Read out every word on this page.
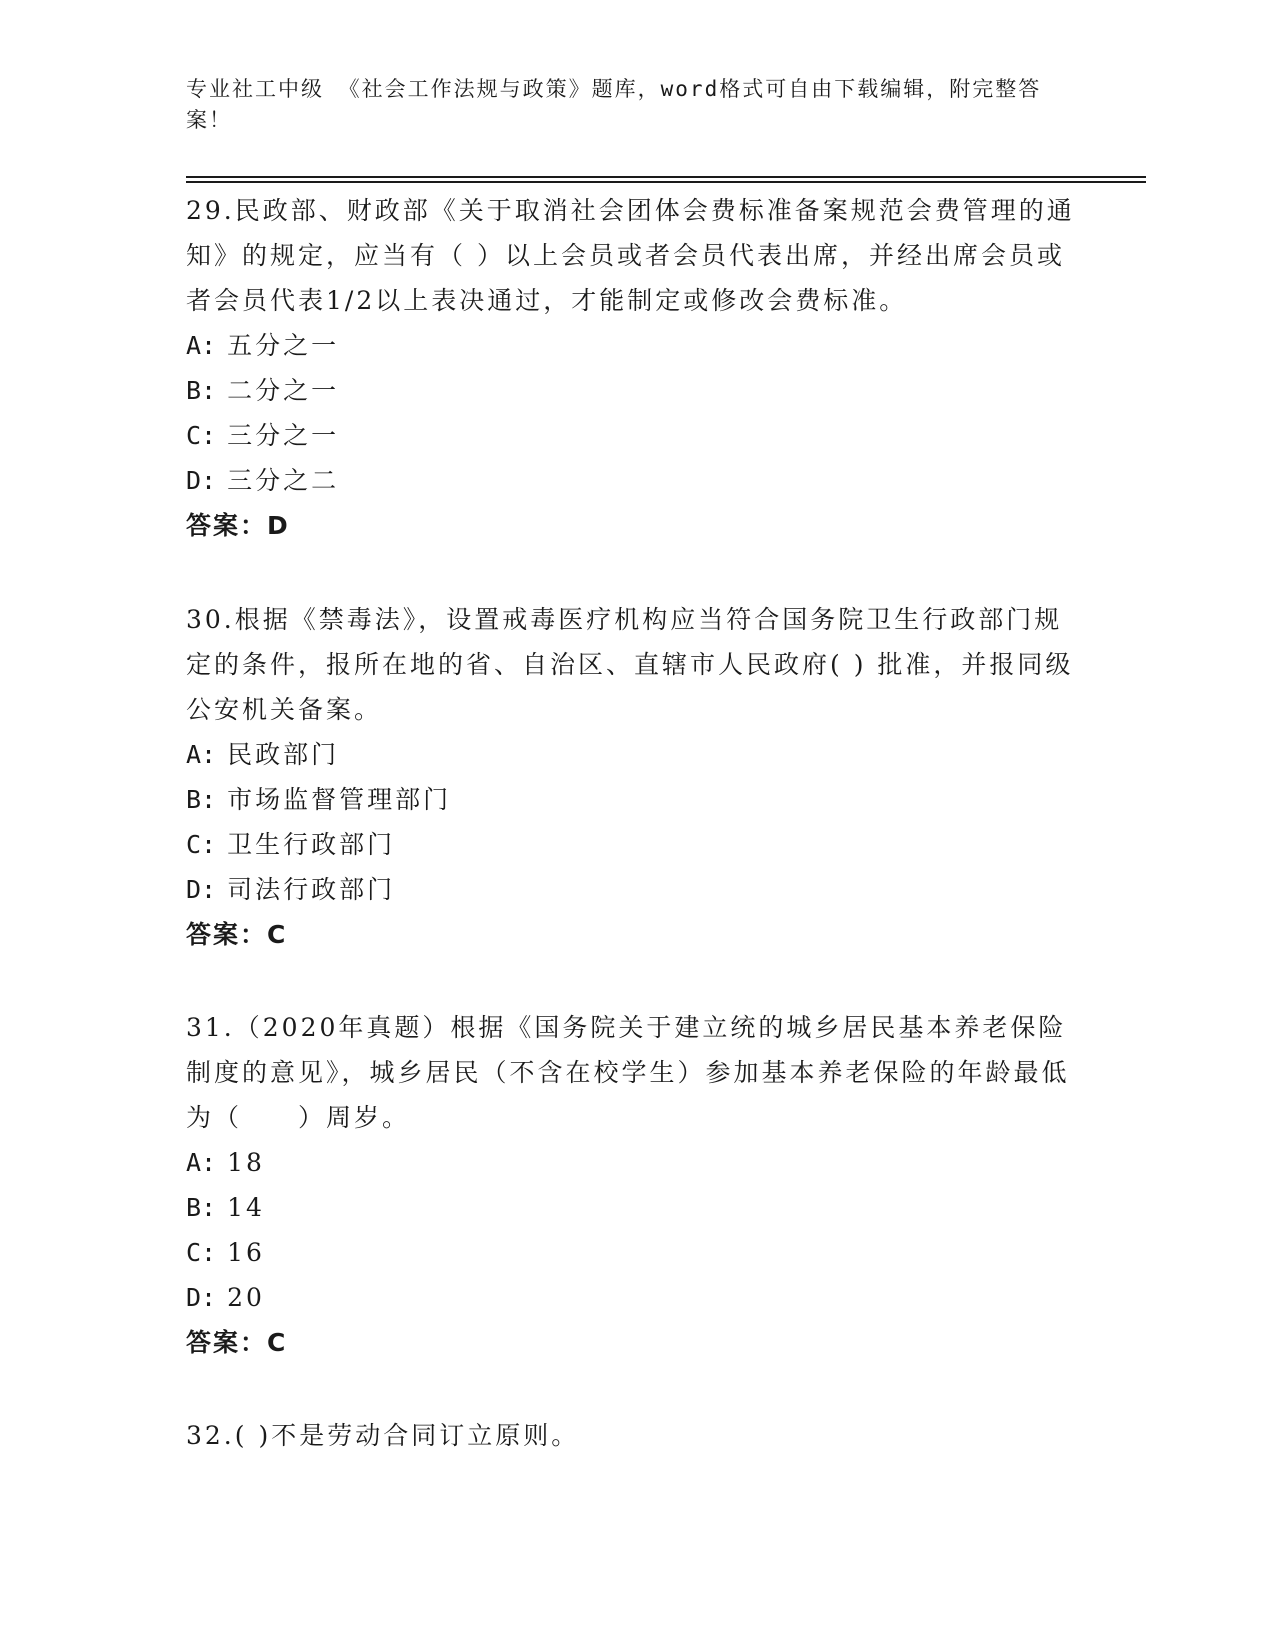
专业社工中级 《社会工作法规与政策》题库，word格式可自由下载编辑，附完整答案！

29.民政部、财政部《关于取消社会团体会费标准备案规范会费管理的通知》的规定，应当有（ ）以上会员或者会员代表出席，并经出席会员或者会员代表1/2以上表决通过，才能制定或修改会费标准。

A: 五分之一

B: 二分之一

C: 三分之一

D: 三分之二

答案：D

30.根据《禁毒法》，设置戒毒医疗机构应当符合国务院卫生行政部门规定的条件，报所在地的省、自治区、直辖市人民政府( ) 批准，并报同级公安机关备案。

A: 民政部门

B: 市场监督管理部门

C: 卫生行政部门

D: 司法行政部门

答案：C

31.（2020年真题）根据《国务院关于建立统的城乡居民基本养老保险制度的意见》，城乡居民（不含在校学生）参加基本养老保险的年龄最低为（　　）周岁。

A: 18

B: 14

C: 16

D: 20

答案：C

32.( )不是劳动合同订立原则。
